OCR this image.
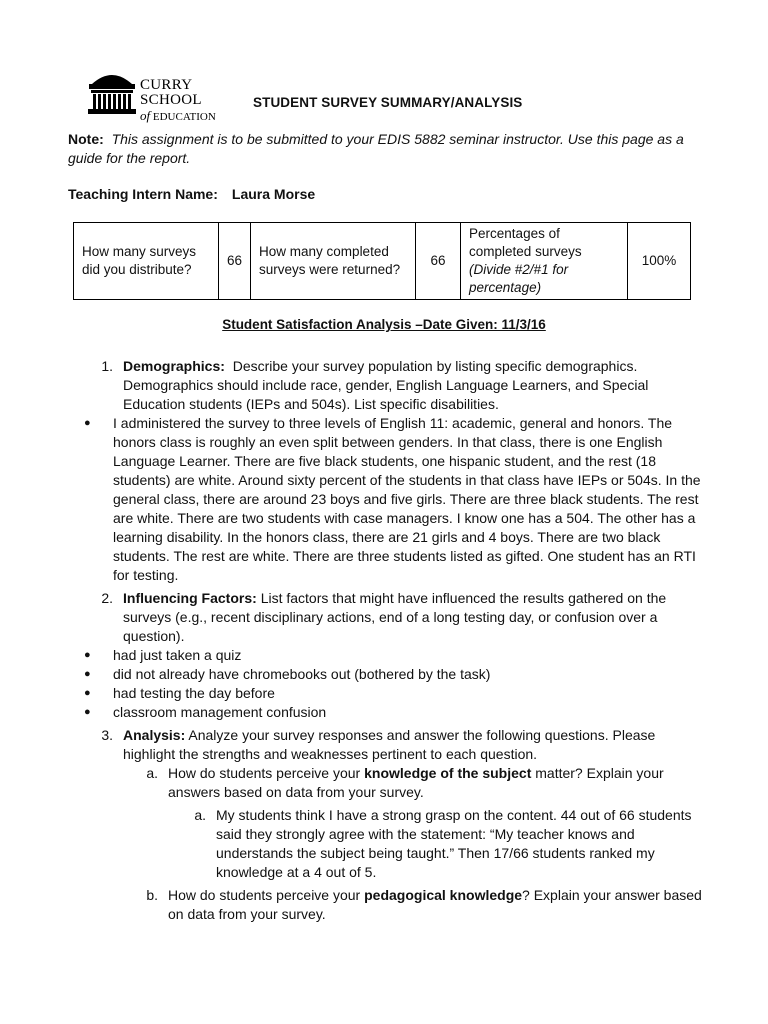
CURRY SCHOOL
of EDUCATION
STUDENT SURVEY SUMMARY/ANALYSIS
Note: This assignment is to be submitted to your EDIS 5882 seminar instructor. Use this page as a guide for the report.
Teaching Intern Name: Laura Morse
How many surveys did you distribute?	66	How many completed surveys were returned?	66	Percentages of completed surveys (Divide #2/#1 for percentage)	100%
Student Satisfaction Analysis –Date Given: 11/3/16
1. Demographics: Describe your survey population by listing specific demographics. Demographics should include race, gender, English Language Learners, and Special Education students (IEPs and 504s). List specific disabilities.
●	I administered the survey to three levels of English 11: academic, general and honors. The honors class is roughly an even split between genders. In that class, there is one English Language Learner. There are five black students, one hispanic student, and the rest (18 students) are white. Around sixty percent of the students in that class have IEPs or 504s. In the general class, there are around 23 boys and five girls. There are three black students. The rest are white. There are two students with case managers. I know one has a 504. The other has a learning disability. In the honors class, there are 21 girls and 4 boys. There are two black students. The rest are white. There are three students listed as gifted. One student has an RTI for testing.
2. Influencing Factors: List factors that might have influenced the results gathered on the surveys (e.g., recent disciplinary actions, end of a long testing day, or confusion over a question).
●	had just taken a quiz
●	did not already have chromebooks out (bothered by the task)
●	had testing the day before
●	classroom management confusion
3. Analysis: Analyze your survey responses and answer the following questions. Please highlight the strengths and weaknesses pertinent to each question.
a. How do students perceive your knowledge of the subject matter? Explain your answers based on data from your survey.
a. My students think I have a strong grasp on the content. 44 out of 66 students said they strongly agree with the statement: “My teacher knows and understands the subject being taught.” Then 17/66 students ranked my knowledge at a 4 out of 5.
b. How do students perceive your pedagogical knowledge? Explain your answer based on data from your survey.
